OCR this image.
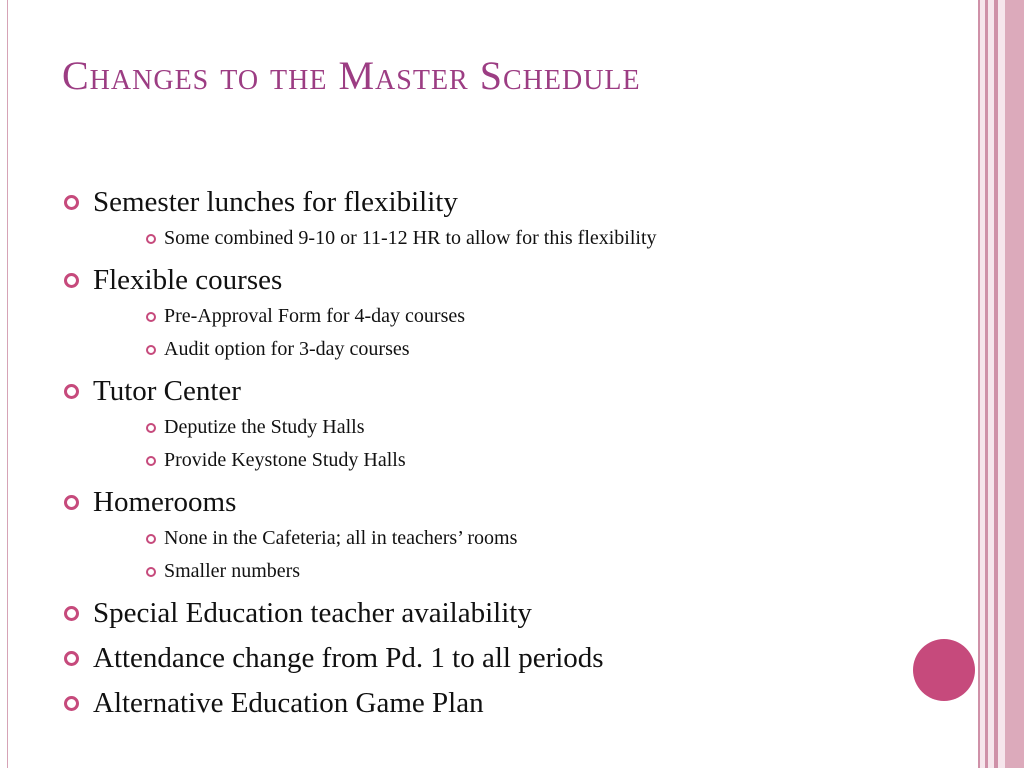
Changes to the Master Schedule
Semester lunches for flexibility
Some combined 9-10 or 11-12 HR to allow for this flexibility
Flexible courses
Pre-Approval Form for 4-day courses
Audit option for 3-day courses
Tutor Center
Deputize the Study Halls
Provide Keystone Study Halls
Homerooms
None in the Cafeteria; all in teachers’ rooms
Smaller numbers
Special Education teacher availability
Attendance change from Pd. 1 to all periods
Alternative Education Game Plan
